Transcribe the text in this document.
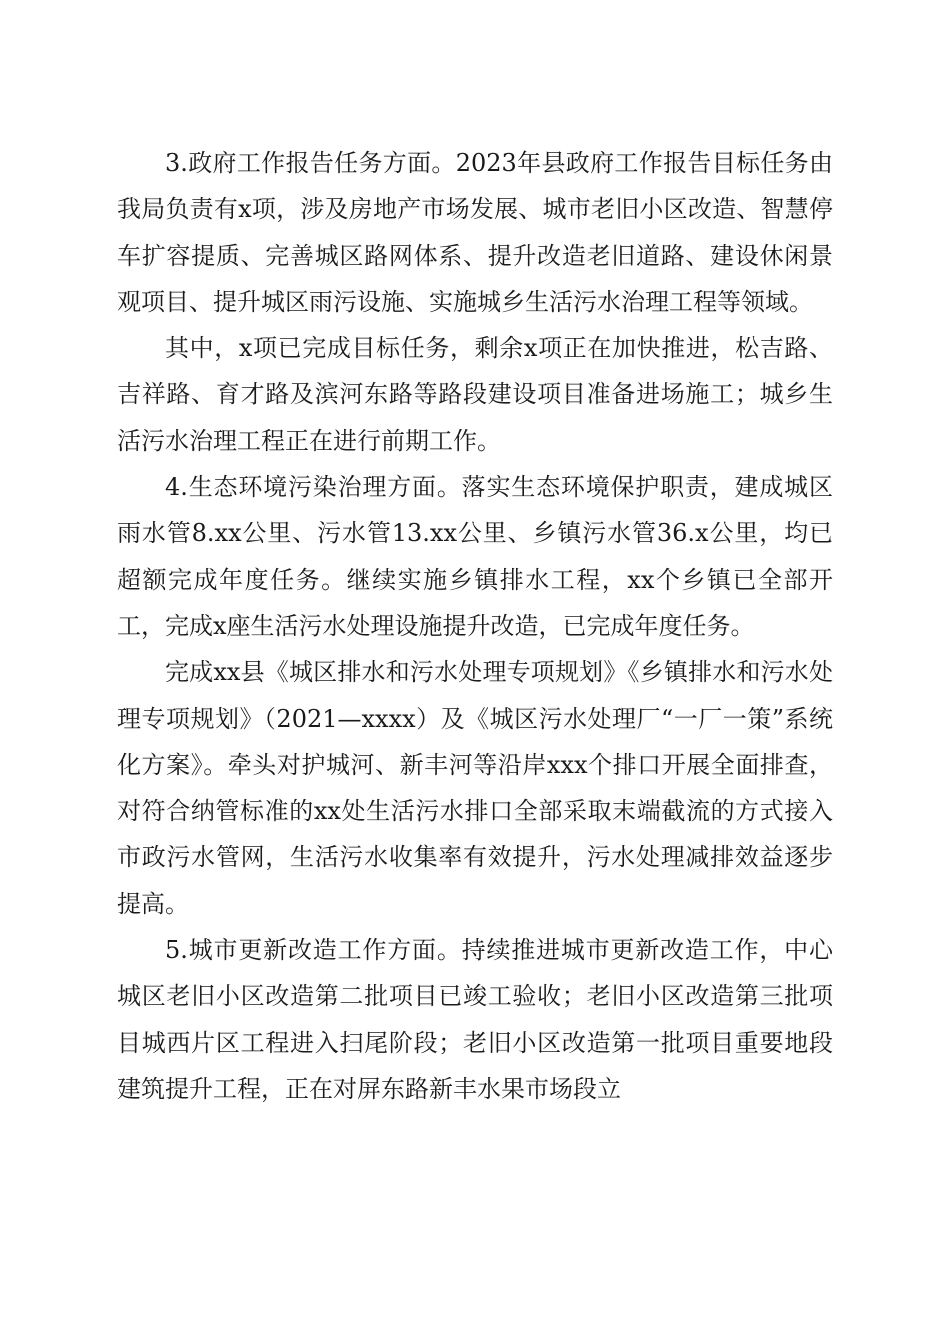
3.政府工作报告任务方面。2023年县政府工作报告目标任务由我局负责有x项，涉及房地产市场发展、城市老旧小区改造、智慧停车扩容提质、完善城区路网体系、提升改造老旧道路、建设休闲景观项目、提升城区雨污设施、实施城乡生活污水治理工程等领域。

其中，x项已完成目标任务，剩余x项正在加快推进，松吉路、吉祥路、育才路及滨河东路等路段建设项目准备进场施工；城乡生活污水治理工程正在进行前期工作。

4.生态环境污染治理方面。落实生态环境保护职责，建成城区雨水管8.xx公里、污水管13.xx公里、乡镇污水管36.x公里，均已超额完成年度任务。继续实施乡镇排水工程，xx个乡镇已全部开工，完成x座生活污水处理设施提升改造，已完成年度任务。

完成xx县《城区排水和污水处理专项规划》《乡镇排水和污水处理专项规划》（2021—xxxx）及《城区污水处理厂“一厂一策”系统化方案》。牵头对护城河、新丰河等沿岸xxx个排口开展全面排查，对符合纳管标准的xx处生活污水排口全部采取末端截流的方式接入市政污水管网，生活污水收集率有效提升，污水处理减排效益逐步提高。

5.城市更新改造工作方面。持续推进城市更新改造工作，中心城区老旧小区改造第二批项目已竣工验收；老旧小区改造第三批项目城西片区工程进入扫尾阶段；老旧小区改造第一批项目重要地段建筑提升工程，正在对屏东路新丰水果市场段立
